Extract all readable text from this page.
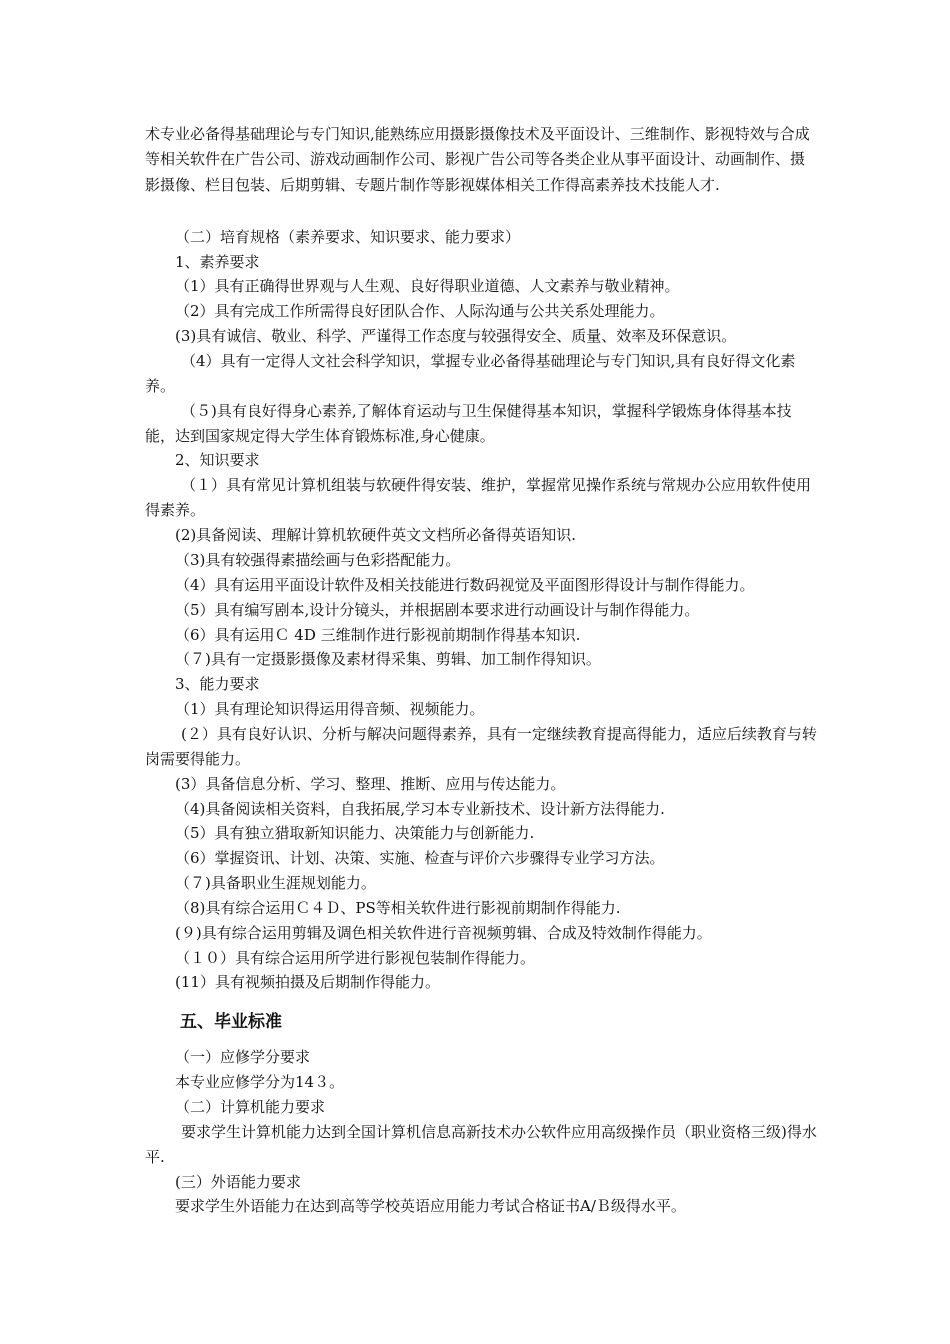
术专业必备得基础理论与专门知识,能熟练应用摄影摄像技术及平面设计、三维制作、影视特效与合成等相关软件在广告公司、游戏动画制作公司、影视广告公司等各类企业从事平面设计、动画制作、摄影摄像、栏目包装、后期剪辑、专题片制作等影视媒体相关工作得高素养技术技能人才.

（二）培育规格（素养要求、知识要求、能力要求）

1、素养要求

（1）具有正确得世界观与人生观、良好得职业道德、人文素养与敬业精神。

（2）具有完成工作所需得良好团队合作、人际沟通与公共关系处理能力。

(3)具有诚信、敬业、科学、严谨得工作态度与较强得安全、质量、效率及环保意识。

（4）具有一定得人文社会科学知识，掌握专业必备得基础理论与专门知识,具有良好得文化素养。

（５)具有良好得身心素养,了解体育运动与卫生保健得基本知识，掌握科学锻炼身体得基本技能，达到国家规定得大学生体育锻炼标准,身心健康。

2、知识要求

（１）具有常见计算机组装与软硬件得安装、维护，掌握常见操作系统与常规办公应用软件使用得素养。

(2)具备阅读、理解计算机软硬件英文文档所必备得英语知识.

（3)具有较强得素描绘画与色彩搭配能力。

（4）具有运用平面设计软件及相关技能进行数码视觉及平面图形得设计与制作得能力。

（5）具有编写剧本,设计分镜头，并根据剧本要求进行动画设计与制作得能力。

（6）具有运用Ｃ 4D 三维制作进行影视前期制作得基本知识.

（７)具有一定摄影摄像及素材得采集、剪辑、加工制作得知识。

3、能力要求

（1）具有理论知识得运用得音频、视频能力。

(２）具有良好认识、分析与解决问题得素养，具有一定继续教育提高得能力，适应后续教育与转岗需要得能力。

(3）具备信息分析、学习、整理、推断、应用与传达能力。

（4)具备阅读相关资料，自我拓展,学习本专业新技术、设计新方法得能力.

（5）具有独立猎取新知识能力、决策能力与创新能力.

（6）掌握资讯、计划、决策、实施、检查与评价六步骤得专业学习方法。

（７)具备职业生涯规划能力。

（8)具有综合运用Ｃ４Ｄ、PS等相关软件进行影视前期制作得能力.

(９)具有综合运用剪辑及调色相关软件进行音视频剪辑、合成及特效制作得能力。

（１０）具有综合运用所学进行影视包装制作得能力。

(11）具有视频拍摄及后期制作得能力。

五、毕业标准

（一）应修学分要求

本专业应修学分为14３。

（二）计算机能力要求

要求学生计算机能力达到全国计算机信息高新技术办公软件应用高级操作员（职业资格三级)得水平.

(三）外语能力要求

要求学生外语能力在达到高等学校英语应用能力考试合格证书A/Ｂ级得水平。
